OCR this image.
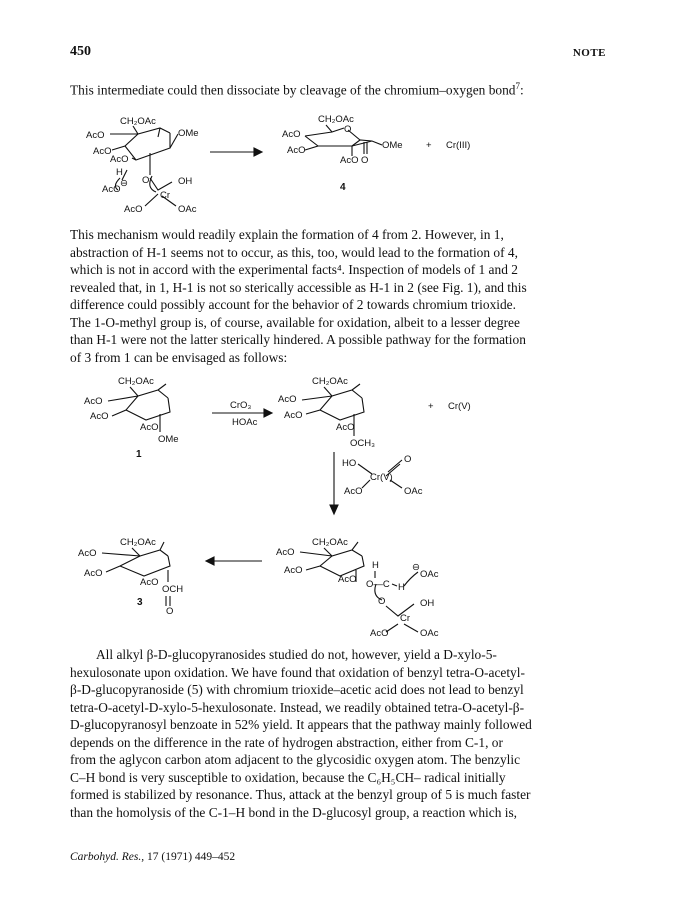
450	NOTE

This intermediate could then dissociate by cleavage of the chromium–oxygen bond$^7$:

CH₂OAc
AcO
AcO
AcO
OMe
H
AcO
⊖ O	OH
Cr
AcO	OAc
CH₂OAc
AcO
AcO
O
OMe + Cr(III)
AcO O
4
CH₂OAc
AcO
AcO
AcO
OMe
1
CrO₃
HOAc
CH₂OAc
AcO
AcO
AcO
OCH₃
+ Cr(V)
HO
Cr(V)
O
AcO	OAc
CH₂OAc
AcO
AcO
AcO
OCH
O
3
CH₂OAc
AcO
AcO
AcO
H
O—C H
OAc
⊖
O	OH
Cr
AcO	OAc

This mechanism would readily explain the formation of 4 from 2. However, in 1,
abstraction of H-1 seems not to occur, as this, too, would lead to the formation of 4,
which is not in accord with the experimental facts⁴. Inspection of models of 1 and 2
revealed that, in 1, H-1 is not so sterically accessible as H-1 in 2 (see Fig. 1), and this
difference could possibly account for the behavior of 2 towards chromium trioxide.
The 1-O-methyl group is, of course, available for oxidation, albeit to a lesser degree
than H-1 were not the latter sterically hindered. A possible pathway for the formation
of 3 from 1 can be envisaged as follows:

All alkyl β-D-glucopyranosides studied do not, however, yield a D-xylo-5-
hexulosonate upon oxidation. We have found that oxidation of benzyl tetra-O-acetyl-
β-D-glucopyranoside (5) with chromium trioxide–acetic acid does not lead to benzyl
tetra-O-acetyl-D-xylo-5-hexulosonate. Instead, we readily obtained tetra-O-acetyl-β-
D-glucopyranosyl benzoate in 52% yield. It appears that the pathway mainly followed
depends on the difference in the rate of hydrogen abstraction, either from C-1, or
from the aglycon carbon atom adjacent to the glycosidic oxygen atom. The benzylic
C–H bond is very susceptible to oxidation, because the C₆H₅CH– radical initially
formed is stabilized by resonance. Thus, attack at the benzyl group of 5 is much faster
than the homolysis of the C-1–H bond in the D-glucosyl group, a reaction which is,

Carbohyd. Res., 17 (1971) 449–452
